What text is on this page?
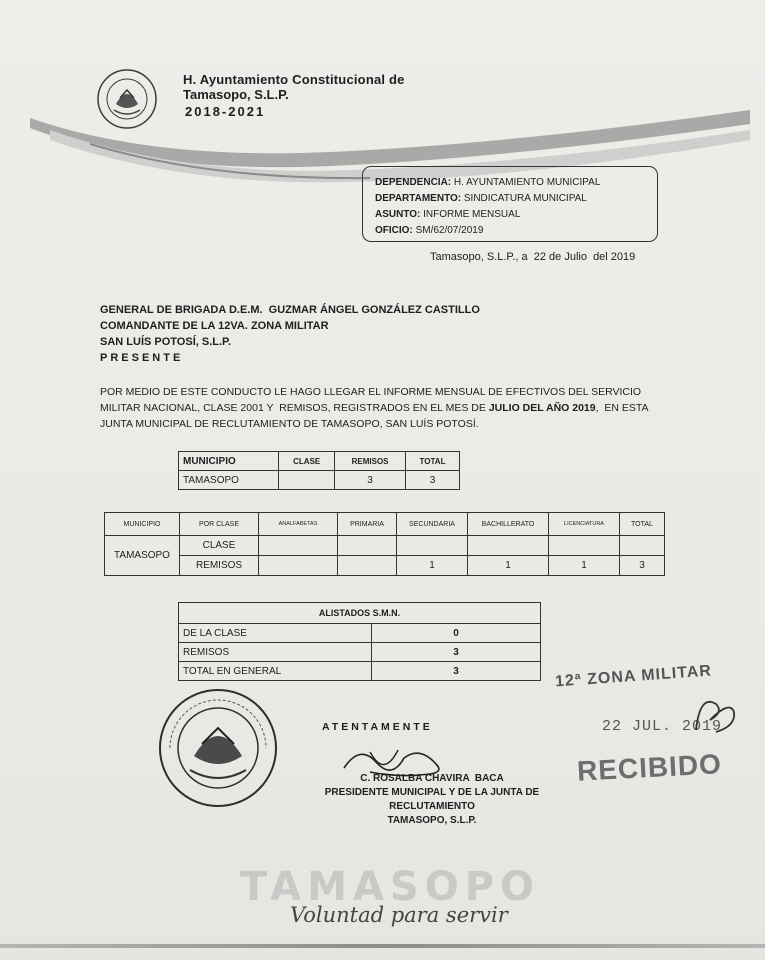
H. Ayuntamiento Constitucional de
Tamasopo, S.L.P.
2018-2021
DEPENDENCIA: H. AYUNTAMIENTO MUNICIPAL
DEPARTAMENTO: SINDICATURA MUNICIPAL
ASUNTO: INFORME MENSUAL
OFICIO: SM/62/07/2019
Tamasopo, S.L.P., a  22 de Julio  del 2019
GENERAL DE BRIGADA D.E.M.  GUZMAR ÁNGEL GONZÁLEZ CASTILLO
COMANDANTE DE LA 12VA. ZONA MILITAR
SAN LUÍS POTOSÍ, S.L.P.
PRESENTE
POR MEDIO DE ESTE CONDUCTO LE HAGO LLEGAR EL INFORME MENSUAL DE EFECTIVOS DEL SERVICIO MILITAR NACIONAL, CLASE 2001 Y  REMISOS, REGISTRADOS EN EL MES DE JULIO DEL AÑO 2019,  EN ESTA JUNTA MUNICIPAL DE RECLUTAMIENTO DE TAMASOPO, SAN LUÍS POTOSÍ.
MUNICIPIO	CLASE	REMISOS	TOTAL
TAMASOPO		3	3
MUNICIPIO	POR CLASE	ANALFABETAS	PRIMARIA	SECUNDARIA	BACHILLERATO	LICENCIATURA	TOTAL
TAMASOPO	CLASE						
	REMISOS			1	1	1	3
ALISTADOS S.M.N.	
DE LA CLASE	0
REMISOS	3
TOTAL EN GENERAL	3
ATENTAMENTE
C. ROSALBA CHAVIRA  BACA
PRESIDENTE MUNICIPAL Y DE LA JUNTA DE RECLUTAMIENTO
TAMASOPO, S.L.P.
12ª ZONA MILITAR
22 JUL. 2019
RECIBIDO
TAMASOPO
Voluntad para servir
